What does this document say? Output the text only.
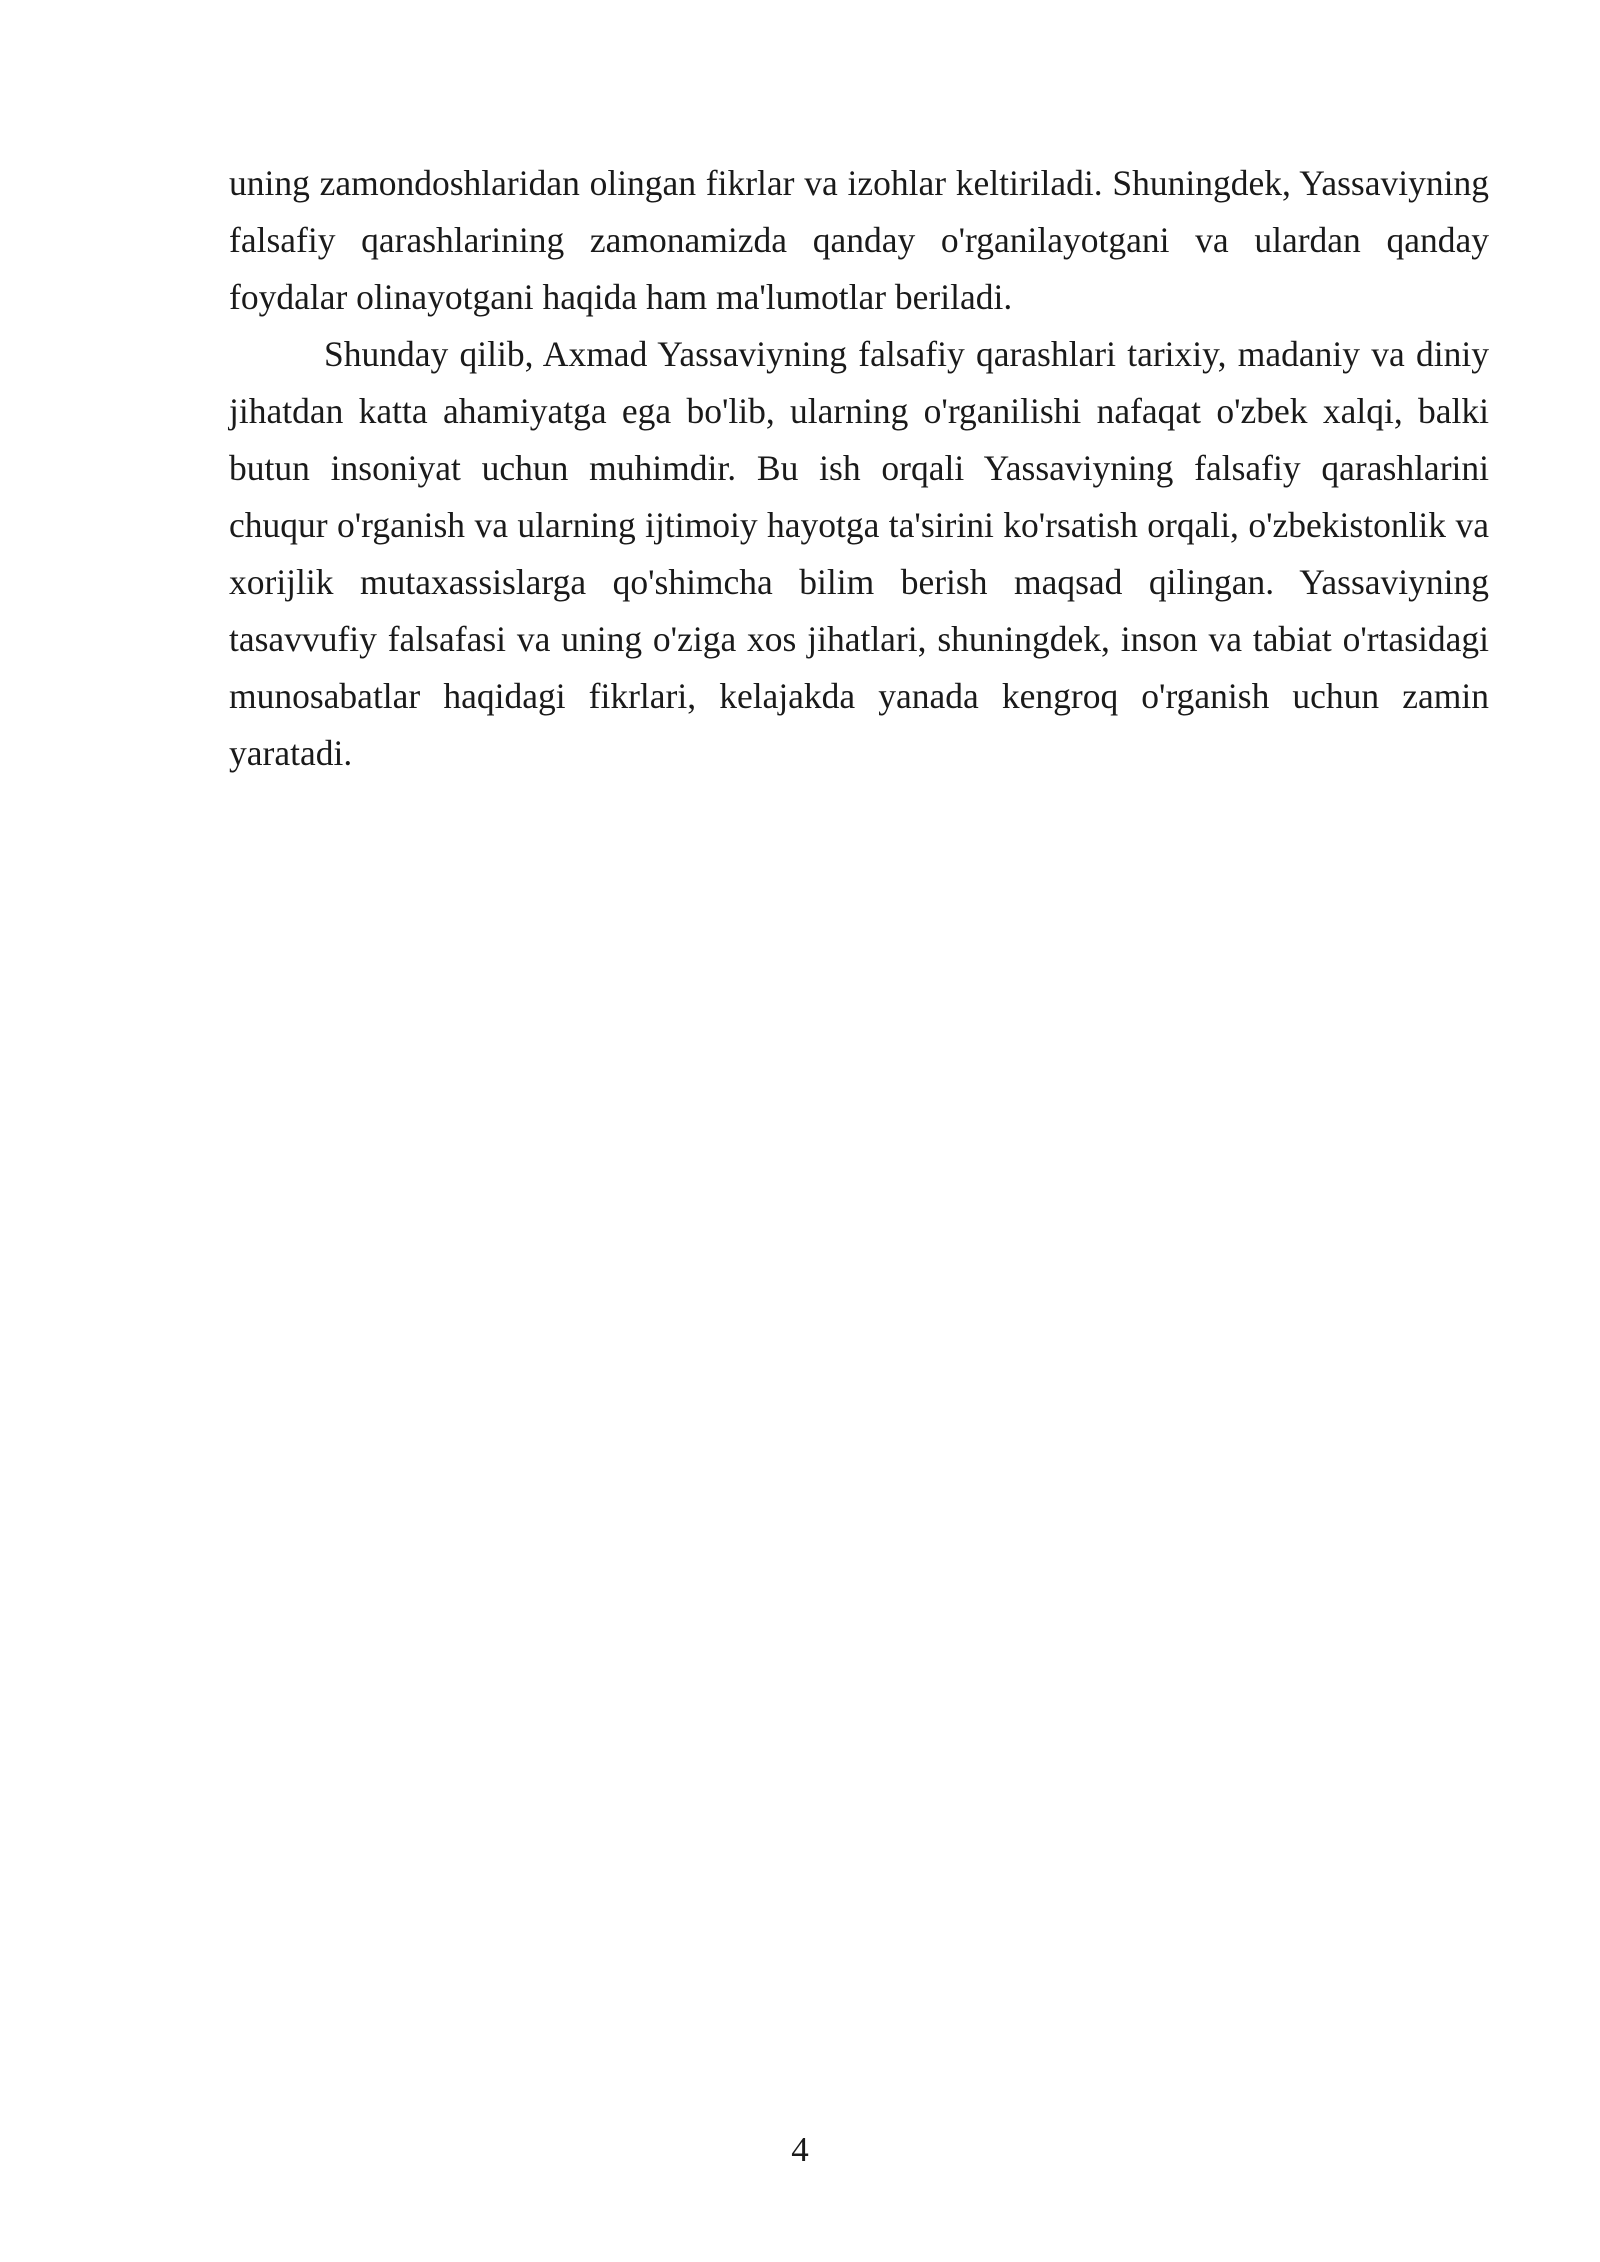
uning zamondoshlaridan olingan fikrlar va izohlar keltiriladi. Shuningdek, Yassaviyning falsafiy qarashlarining zamonamizda qanday o'rganilayotgani va ulardan qanday foydalar olinayotgani haqida ham ma'lumotlar beriladi.

Shunday qilib, Axmad Yassaviyning falsafiy qarashlari tarixiy, madaniy va diniy jihatdan katta ahamiyatga ega bo'lib, ularning o'rganilishi nafaqat o'zbek xalqi, balki butun insoniyat uchun muhimdir. Bu ish orqali Yassaviyning falsafiy qarashlarini chuqur o'rganish va ularning ijtimoiy hayotga ta'sirini ko'rsatish orqali, o'zbekistonlik va xorijlik mutaxassislarga qo'shimcha bilim berish maqsad qilingan. Yassaviyning tasavvufiy falsafasi va uning o'ziga xos jihatlari, shuningdek, inson va tabiat o'rtasidagi munosabatlar haqidagi fikrlari, kelajakda yanada kengroq o'rganish uchun zamin yaratadi.

4
